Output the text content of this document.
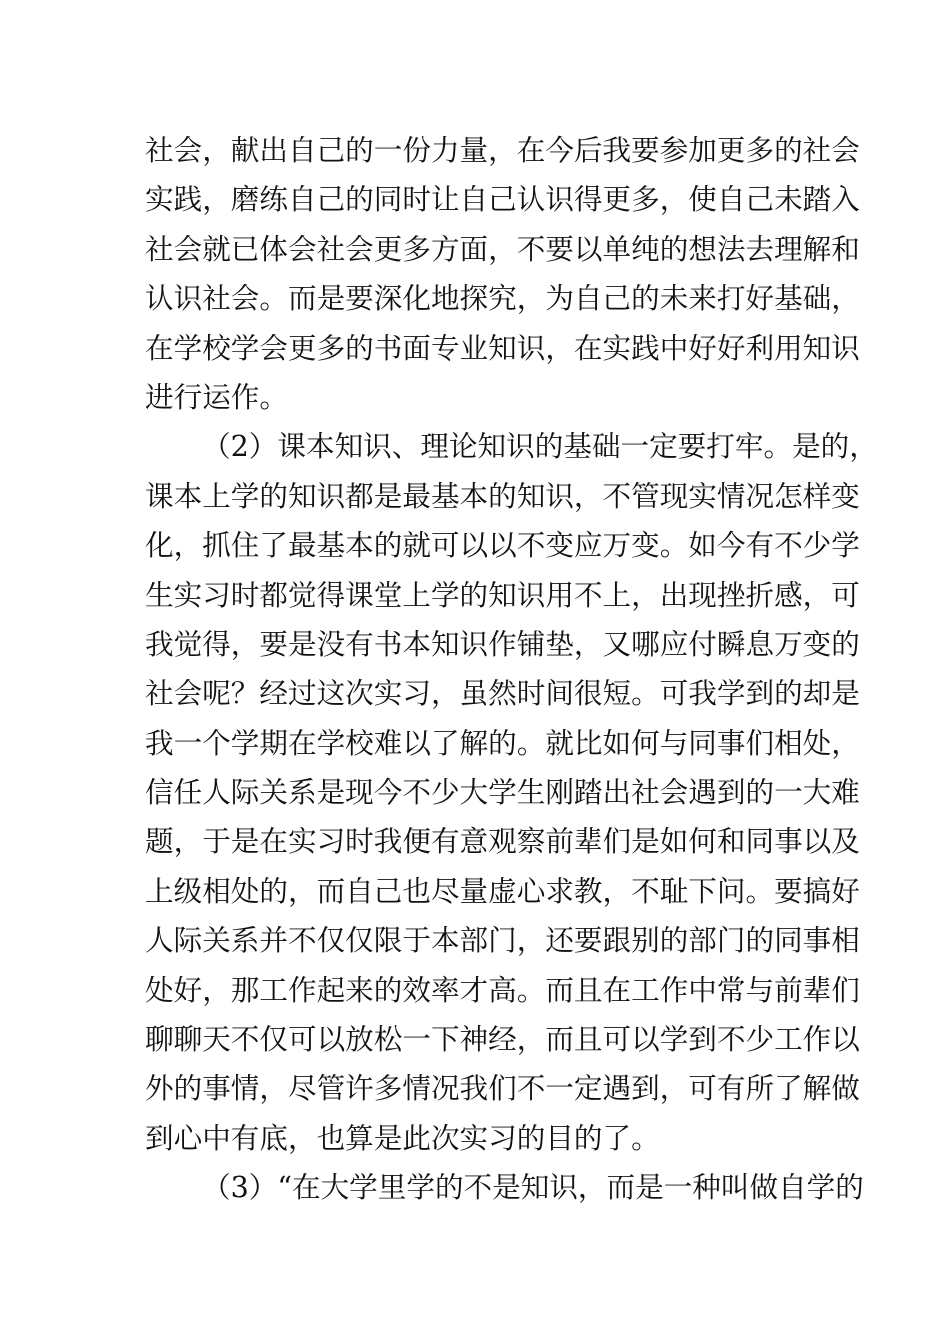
社会，献出自己的一份力量，在今后我要参加更多的社会
实践，磨练自己的同时让自己认识得更多，使自己未踏入
社会就已体会社会更多方面，不要以单纯的想法去理解和
认识社会。而是要深化地探究，为自己的未来打好基础，
在学校学会更多的书面专业知识，在实践中好好利用知识
进行运作。
（2）课本知识、理论知识的基础一定要打牢。是的，
课本上学的知识都是最基本的知识，不管现实情况怎样变
化，抓住了最基本的就可以以不变应万变。如今有不少学
生实习时都觉得课堂上学的知识用不上，出现挫折感，可
我觉得，要是没有书本知识作铺垫，又哪应付瞬息万变的
社会呢？经过这次实习，虽然时间很短。可我学到的却是
我一个学期在学校难以了解的。就比如何与同事们相处，
信任人际关系是现今不少大学生刚踏出社会遇到的一大难
题，于是在实习时我便有意观察前辈们是如何和同事以及
上级相处的，而自己也尽量虚心求教，不耻下问。要搞好
人际关系并不仅仅限于本部门，还要跟别的部门的同事相
处好，那工作起来的效率才高。而且在工作中常与前辈们
聊聊天不仅可以放松一下神经，而且可以学到不少工作以
外的事情，尽管许多情况我们不一定遇到，可有所了解做
到心中有底，也算是此次实习的目的了。
（3）“在大学里学的不是知识，而是一种叫做自学的
